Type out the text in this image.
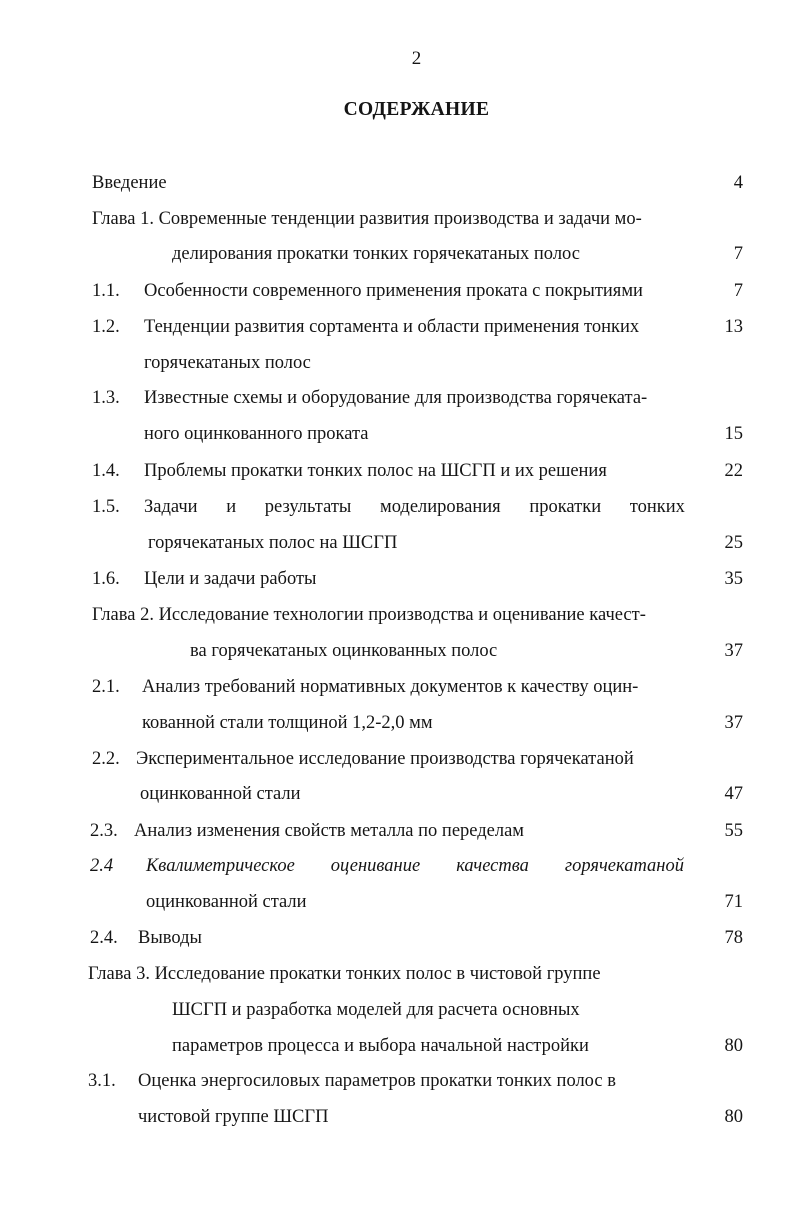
2
СОДЕРЖАНИЕ
Введение	4
Глава 1. Современные тенденции развития производства и задачи мо-
делирования прокатки тонких горячекатаных полос	7
1.1. Особенности современного применения проката с покрытиями	7
1.2. Тенденции развития сортамента и области применения тонких	13
горячекатаных полос
1.3. Известные схемы и оборудование для производства горячеката-
ного оцинкованного проката	15
1.4. Проблемы прокатки тонких полос на ШСГП и их решения	22
1.5. Задачи и результаты моделирования прокатки тонких
горячекатаных полос на ШСГП	25
1.6. Цели и задачи работы	35
Глава 2. Исследование технологии производства и оценивание качест-
ва горячекатаных оцинкованных полос	37
2.1. Анализ требований нормативных документов к качеству оцин-
кованной стали толщиной 1,2-2,0 мм	37
2.2. Экспериментальное исследование производства горячекатаной
оцинкованной стали	47
2.3. Анализ изменения свойств металла по переделам	55
2.4 Квалиметрическое оценивание качества горячекатаной
оцинкованной стали	71
2.4. Выводы	78
Глава 3. Исследование прокатки тонких полос в чистовой группе
ШСГП и разработка моделей для расчета основных
параметров процесса и выбора начальной настройки	80
3.1. Оценка энергосиловых параметров прокатки тонких полос в
чистовой группе ШСГП	80
